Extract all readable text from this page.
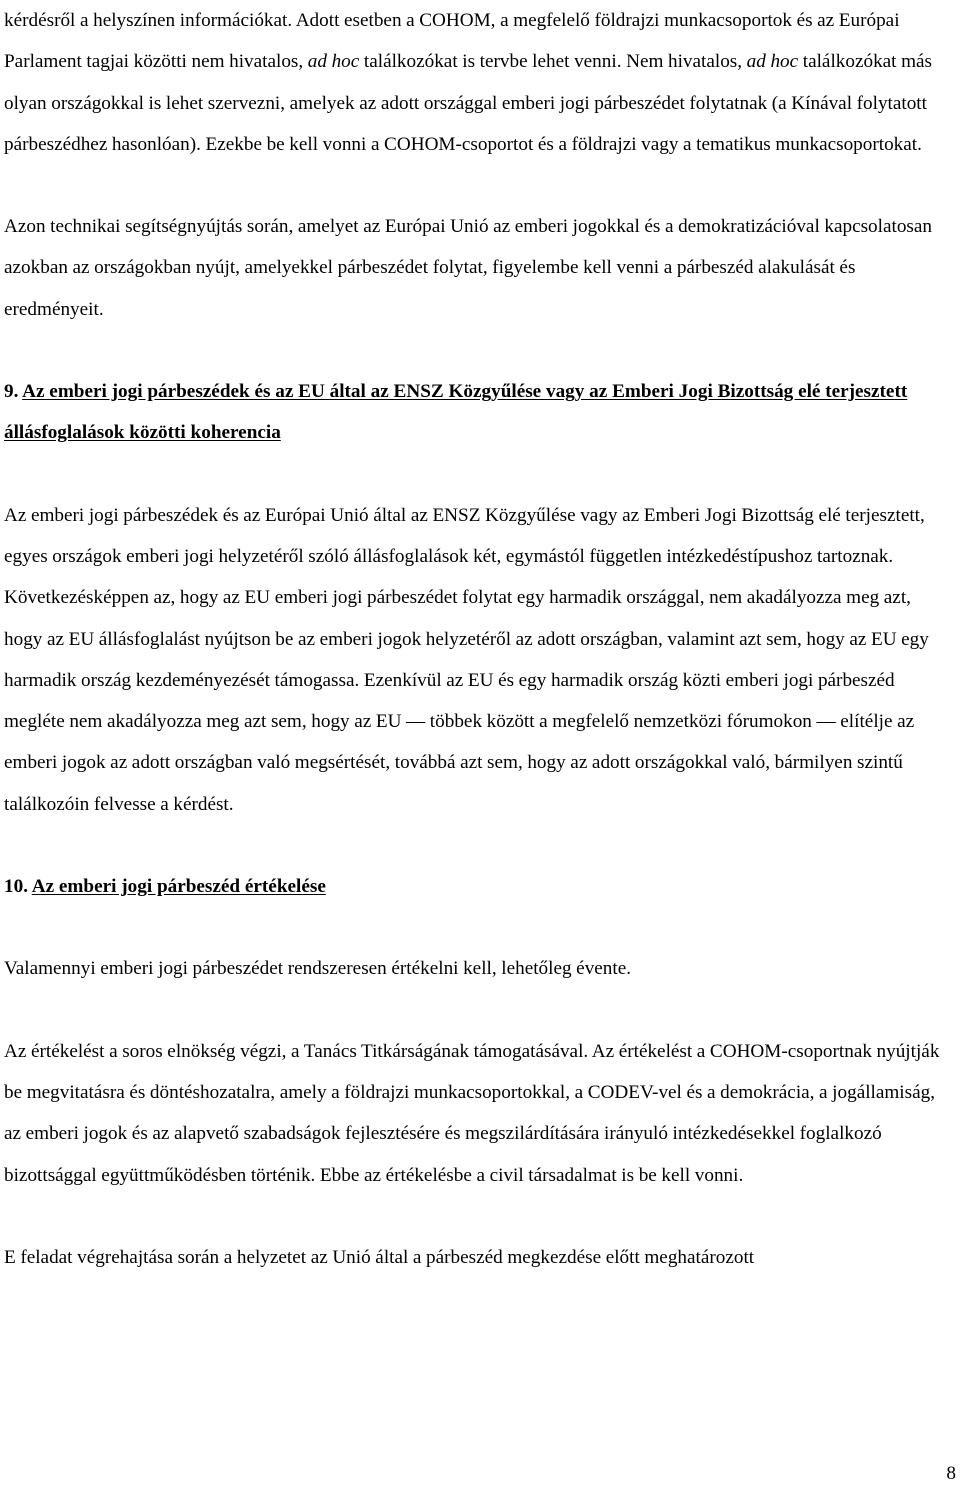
kérdésről a helyszínen információkat. Adott esetben a COHOM, a megfelelő földrajzi munkacsoportok és az Európai Parlament tagjai közötti nem hivatalos, ad hoc találkozókat is tervbe lehet venni. Nem hivatalos, ad hoc találkozókat más olyan országokkal is lehet szervezni, amelyek az adott országgal emberi jogi párbeszédet folytatnak (a Kínával folytatott párbeszédhez hasonlóan). Ezekbe be kell vonni a COHOM-csoportot és a földrajzi vagy a tematikus munkacsoportokat.

Azon technikai segítségnyújtás során, amelyet az Európai Unió az emberi jogokkal és a demokratizációval kapcsolatosan azokban az országokban nyújt, amelyekkel párbeszédet folytat, figyelembe kell venni a párbeszéd alakulását és eredményeit.

9. Az emberi jogi párbeszédek és az EU által az ENSZ Közgyűlése vagy az Emberi Jogi Bizottság elé terjesztett állásfoglalások közötti koherencia

Az emberi jogi párbeszédek és az Európai Unió által az ENSZ Közgyűlése vagy az Emberi Jogi Bizottság elé terjesztett, egyes országok emberi jogi helyzetéről szóló állásfoglalások két, egymástól független intézkedéstípushoz tartoznak. Következésképpen az, hogy az EU emberi jogi párbeszédet folytat egy harmadik országgal, nem akadályozza meg azt, hogy az EU állásfoglalást nyújtson be az emberi jogok helyzetéről az adott országban, valamint azt sem, hogy az EU egy harmadik ország kezdeményezését támogassa. Ezenkívül az EU és egy harmadik ország közti emberi jogi párbeszéd megléte nem akadályozza meg azt sem, hogy az EU — többek között a megfelelő nemzetközi fórumokon — elítélje az emberi jogok az adott országban való megsértését, továbbá azt sem, hogy az adott országokkal való, bármilyen szintű találkozóin felvesse a kérdést.

10. Az emberi jogi párbeszéd értékelése

Valamennyi emberi jogi párbeszédet rendszeresen értékelni kell, lehetőleg évente.

Az értékelést a soros elnökség végzi, a Tanács Titkárságának támogatásával. Az értékelést a COHOM-csoportnak nyújtják be megvitatásra és döntéshozatalra, amely a földrajzi munkacsoportokkal, a CODEV-vel és a demokrácia, a jogállamiság, az emberi jogok és az alapvető szabadságok fejlesztésére és megszilárdítására irányuló intézkedésekkel foglalkozó bizottsággal együttműködésben történik. Ebbe az értékelésbe a civil társadalmat is be kell vonni.

E feladat végrehajtása során a helyzetet az Unió által a párbeszéd megkezdése előtt meghatározott

8
